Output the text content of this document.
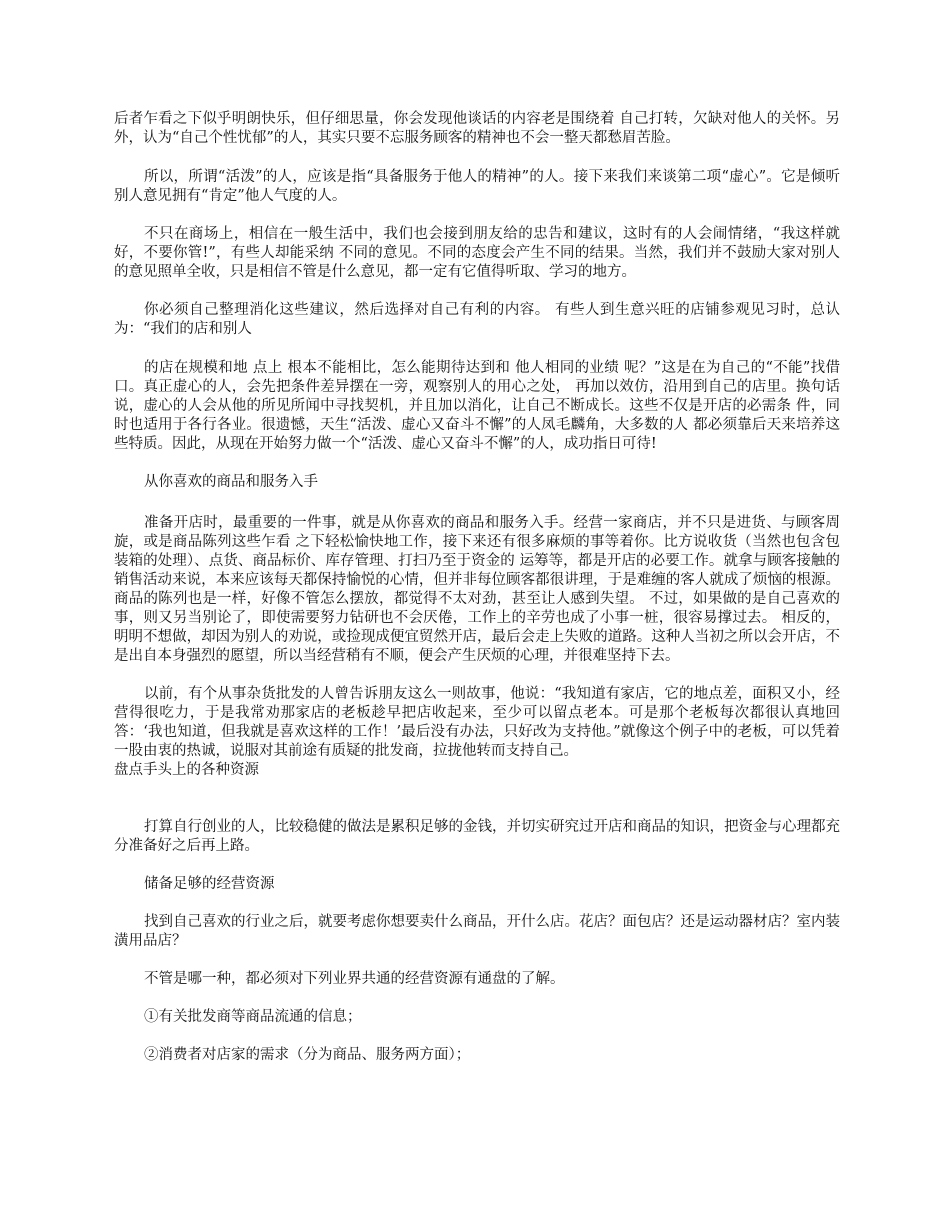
后者乍看之下似乎明朗快乐，但仔细思量，你会发现他谈话的内容老是围绕着 自己打转，欠缺对他人的关怀。另外，认为“自己个性忧郁”的人，其实只要不忘服务顾客的精神也不会一整天都愁眉苦脸。

所以，所谓“活泼”的人，应该是指“具备服务于他人的精神”的人。接下来我们来谈第二项“虚心”。它是倾听别人意见拥有“肯定”他人气度的人。

不只在商场上，相信在一般生活中，我们也会接到朋友给的忠告和建议，这时有的人会闹情绪，“我这样就好，不要你管!”，有些人却能采纳 不同的意见。不同的态度会产生不同的结果。当然，我们并不鼓励大家对别人的意见照单全收，只是相信不管是什么意见，都一定有它值得听取、学习的地方。

你必须自己整理消化这些建议，然后选择对自己有利的内容。 有些人到生意兴旺的店铺参观见习时，总认为：“我们的店和别人

的店在规模和地 点上 根本不能相比，怎么能期待达到和 他人相同的业绩 呢？”这是在为自己的“不能”找借口。真正虚心的人，会先把条件差异摆在一旁，观察别人的用心之处， 再加以效仿，沿用到自己的店里。换句话说，虚心的人会从他的所见所闻中寻找契机，并且加以消化，让自己不断成长。这些不仅是开店的必需条 件，同时也适用于各行各业。很遗憾，天生“活泼、虚心又奋斗不懈”的人凤毛麟角，大多数的人 都必须靠后天来培养这些特质。因此，从现在开始努力做一个“活泼、虚心又奋斗不懈”的人，成功指日可待!

从你喜欢的商品和服务入手

准备开店时，最重要的一件事，就是从你喜欢的商品和服务入手。经营一家商店，并不只是进货、与顾客周旋，或是商品陈列这些乍看 之下轻松愉快地工作，接下来还有很多麻烦的事等着你。比方说收货（当然也包含包装箱的处理）、点货、商品标价、库存管理、打扫乃至于资金的 运筹等，都是开店的必要工作。就拿与顾客接触的销售活动来说，本来应该每天都保持愉悦的心情，但并非每位顾客都很讲理，于是难缠的客人就成了烦恼的根源。商品的陈列也是一样，好像不管怎么摆放，都觉得不太对劲，甚至让人感到失望。 不过，如果做的是自己喜欢的事，则又另当别论了，即使需要努力钻研也不会厌倦，工作上的辛劳也成了小事一桩，很容易撑过去。 相反的，明明不想做，却因为别人的劝说，或捡现成便宜贸然开店，最后会走上失败的道路。这种人当初之所以会开店，不是出自本身强烈的愿望，所以当经营稍有不顺，便会产生厌烦的心理，并很难坚持下去。

以前，有个从事杂货批发的人曾告诉朋友这么一则故事，他说：“我知道有家店，它的地点差，面积又小，经营得很吃力，于是我常劝那家店的老板趁早把店收起来，至少可以留点老本。可是那个老板每次都很认真地回答：‘我也知道，但我就是喜欢这样的工作！’最后没有办法，只好改为支持他。”就像这个例子中的老板，可以凭着一股由衷的热诚，说服对其前途有质疑的批发商，拉拢他转而支持自己。

盘点手头上的各种资源

打算自行创业的人，比较稳健的做法是累积足够的金钱，并切实研究过开店和商品的知识，把资金与心理都充分准备好之后再上路。

储备足够的经营资源

找到自己喜欢的行业之后，就要考虑你想要卖什么商品，开什么店。花店？面包店？还是运动器材店？室内装潢用品店？

不管是哪一种，都必须对下列业界共通的经营资源有通盘的了解。

①有关批发商等商品流通的信息；

②消费者对店家的需求（分为商品、服务两方面）；
